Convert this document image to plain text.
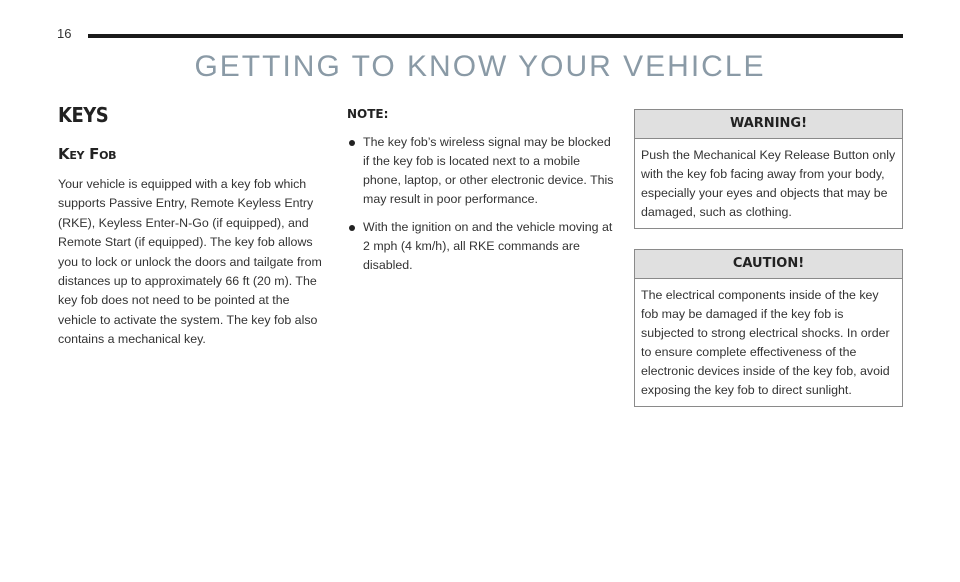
16
GETTING TO KNOW YOUR VEHICLE
KEYS
Key Fob

Your vehicle is equipped with a key fob which supports Passive Entry, Remote Keyless Entry (RKE), Keyless Enter-N-Go (if equipped), and Remote Start (if equipped). The key fob allows you to lock or unlock the doors and tailgate from distances up to approximately 66 ft (20 m). The key fob does not need to be pointed at the vehicle to activate the system. The key fob also contains a mechanical key.

NOTE:

The key fob’s wireless signal may be blocked if the key fob is located next to a mobile phone, laptop, or other electronic device. This may result in poor performance.
With the ignition on and the vehicle moving at 2 mph (4 km/h), all RKE commands are disabled.
WARNING!
Push the Mechanical Key Release Button only with the key fob facing away from your body, especially your eyes and objects that may be damaged, such as clothing.
CAUTION!
The electrical components inside of the key fob may be damaged if the key fob is subjected to strong electrical shocks. In order to ensure complete effectiveness of the electronic devices inside of the key fob, avoid exposing the key fob to direct sunlight.
